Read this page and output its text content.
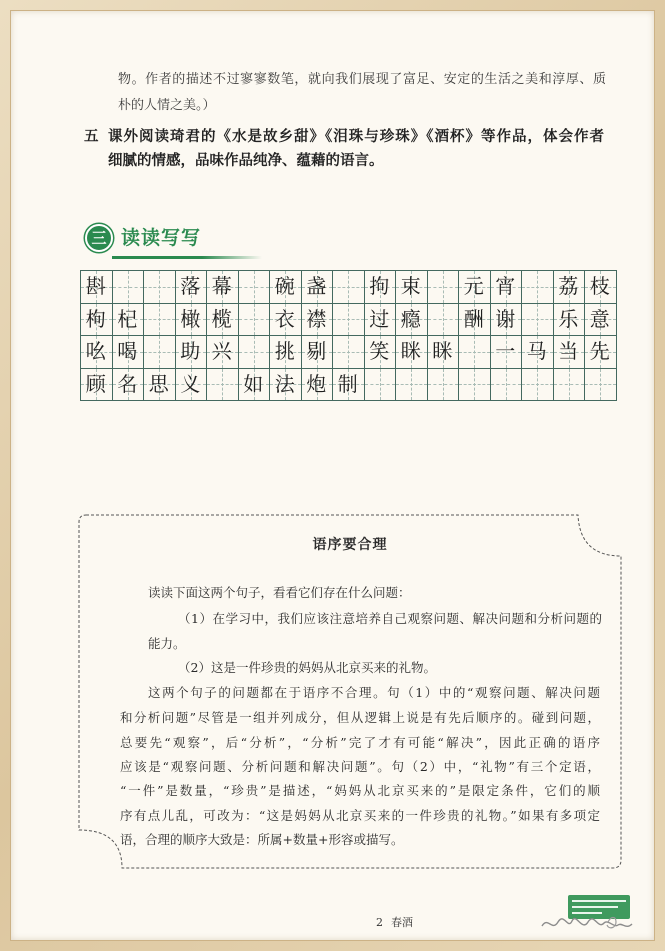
物。作者的描述不过寥寥数笔，就向我们展现了富足、安定的生活之美和淳厚、质
朴的人情之美。）
五 课外阅读琦君的《水是故乡甜》《泪珠与珍珠》《酒杯》等作品，体会作者
细腻的情感，品味作品纯净、蕴藉的语言。
三 读读写写
斟	落幕 碗盏 拘束 元宵 荔枝
枸杞 橄榄 衣襟 过瘾 酬谢 乐意
吆喝 助兴 挑剔 笑眯眯 一马当先
顾名思义 如法炮制
语序要合理
读读下面这两个句子，看看它们存在什么问题：
（1）在学习中，我们应该注意培养自己观察问题、解决问题和分析问题的
能力。
（2）这是一件珍贵的妈妈从北京买来的礼物。
这两个句子的问题都在于语序不合理。句（1）中的“观察问题、解决问题
和分析问题”尽管是一组并列成分，但从逻辑上说是有先后顺序的。碰到问题，
总要先“观察”，后“分析”，“分析”完了才有可能“解决”，因此正确的语序
应该是“观察问题、分析问题和解决问题”。句（2）中，“礼物”有三个定语，
“一件”是数量，“珍贵”是描述，“妈妈从北京买来的”是限定条件，它们的顺
序有点儿乱，可改为：“这是妈妈从北京买来的一件珍贵的礼物。”如果有多项定
语，合理的顺序大致是：所属+数量+形容或描写。
2 春酒
